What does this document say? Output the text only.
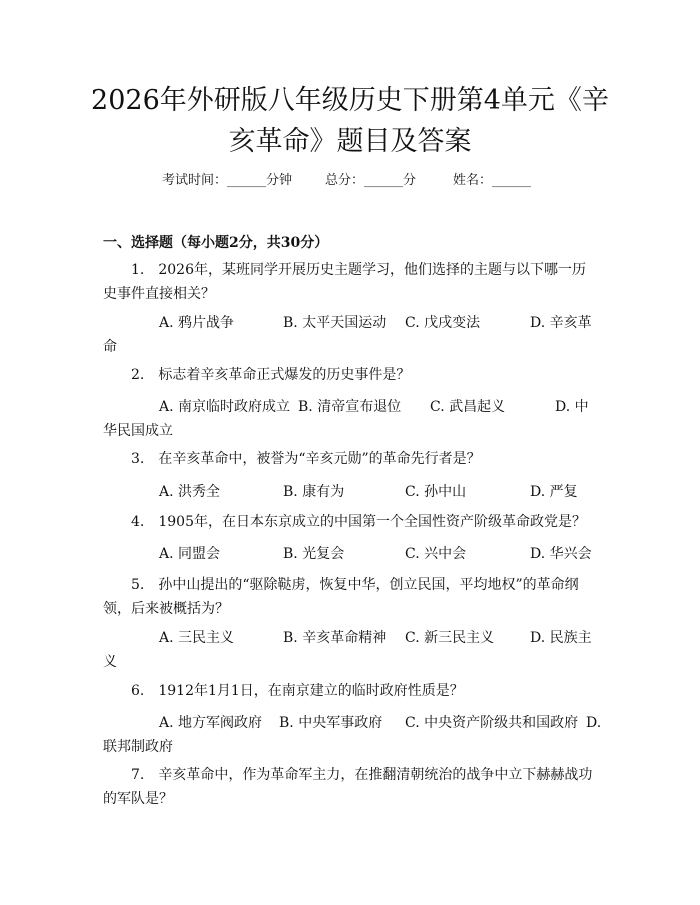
2026年外研版八年级历史下册第4单元《辛亥革命》题目及答案
考试时间：______分钟	总分：______分	姓名：______
一、选择题（每小题2分，共30分）
1.  2026年，某班同学开展历史主题学习，他们选择的主题与以下哪一历史事件直接相关？
A. 鸦片战争	B. 太平天国运动 C. 戊戌变法	D. 辛亥革
命
2.  标志着辛亥革命正式爆发的历史事件是？
A. 南京临时政府成立 B. 清帝宣布退位 C. 武昌起义	D. 中
华民国成立
3.  在辛亥革命中，被誉为“辛亥元勋”的革命先行者是？
A. 洪秀全	B. 康有为	C. 孙中山	D. 严复
4.  1905年，在日本东京成立的中国第一个全国性资产阶级革命政党是？
A. 同盟会	B. 光复会	C. 兴中会	D. 华兴会
5.  孙中山提出的“驱除鞑虏，恢复中华，创立民国，平均地权”的革命纲领，后来被概括为？
A. 三民主义	B. 辛亥革命精神 C. 新三民主义	D. 民族主
义
6.  1912年1月1日，在南京建立的临时政府性质是？
A. 地方军阀政府 B. 中央军事政府 C. 中央资产阶级共和国政府 D.
联邦制政府
7.  辛亥革命中，作为革命军主力，在推翻清朝统治的战争中立下赫赫战功的军队是？
